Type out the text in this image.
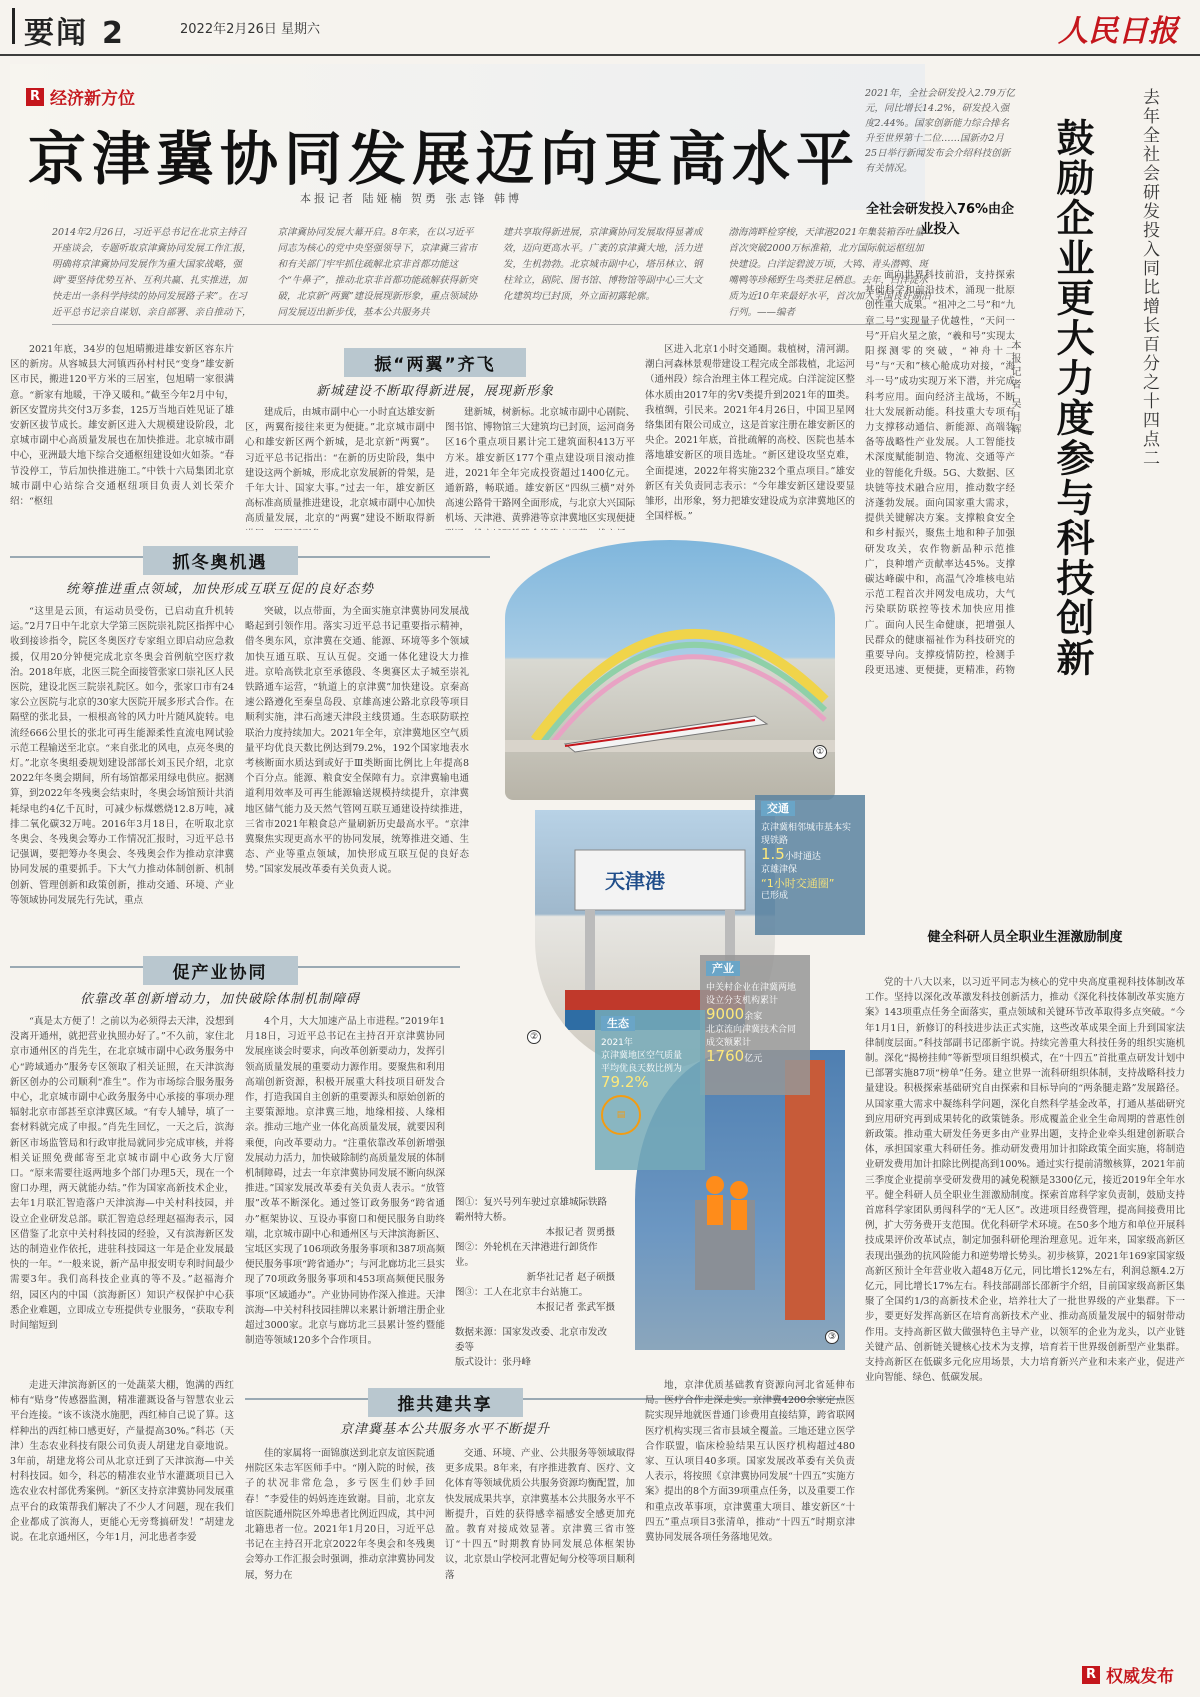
要闻 2	2022年2月26日 星期六	人民日报
R 经济新方位
京津冀协同发展迈向更高水平
本报记者 陆娅楠 贺勇 张志锋 韩博
2014年2月26日，习近平总书记在北京主持召开座谈会，专题听取京津冀协同发展工作汇报，明确将京津冀协同发展作为重大国家战略，强调“要坚持优势互补、互利共赢、扎实推进，加快走出一条科学持续的协同发展路子来”。在习近平总书记亲自谋划、亲自部署、亲自推动下，
京津冀协同发展大幕开启。8年来，在以习近平同志为核心的党中央坚强领导下，京津冀三省市和有关部门牢牢抓住疏解北京非首都功能这个“牛鼻子”，推动北京非首都功能疏解获得新突破，北京新“两翼”建设展现新形象，重点领域协同发展迈出新步伐，基本公共服务共
建共享取得新进展，京津冀协同发展取得显著成效，迈向更高水平。广袤的京津冀大地，活力迸发，生机勃勃。北京城市副中心，塔吊林立、钢柱耸立，剧院、图书馆、博物馆等副中心三大文化建筑均已封顶，外立面初露轮廓。
渤海湾畔检穿梭，天津港2021年集装箱吞吐量首次突破2000万标准箱，北方国际航运枢纽加快建设。白洋淀碧波万顷，大鸨、青头潜鸭、斑嘴鸭等珍稀野生鸟类驻足栖息。去年，白洋淀水质为近10年来最好水平，首次加入全国良好湖泊行列。——编者

2021年底，34岁的包旭晴搬进雄安新区容东片区的新房。从容城县大河镇西孙村村民“变身”雄安新区市民，搬进120平方米的三居室，包旭晴一家很满意。“新家有地暖，干净又暖和。”截至今年2月中旬，新区安置房共交付3万多套，125万当地百姓见证了雄安新区拔节成长。雄安新区进入大规模建设阶段，北京城市副中心高质量发展也在加快推进。北京城市副中心，亚洲最大地下综合交通枢纽建设如火如荼。“春节没停工，节后加快推进施工。”中铁十六局集团北京城市副中心站综合交通枢纽项目负责人刘长荣介绍：“枢纽

振“两翼”齐飞
新城建设不断取得新进展，展现新形象

建成后，由城市副中心一小时直达雄安新区，两翼衔接往来更为便捷。”北京城市副中心和雄安新区两个新城，是北京新“两翼”。习近平总书记指出：“在新的历史阶段，集中建设这两个新城，形成北京发展新的骨架，是千年大计、国家大事。”过去一年，雄安新区高标准高质量推进建设，北京城市副中心加快高质量发展，北京的“两翼”建设不断取得新

建新城，树新标。北京城市副中心剧院、图书馆、博物馆三大建筑均已封顶，运河商务区16个重点项目累计完工建筑面积413万平方米。雄安新区177个重点建设项目滚动推进，2021年全年完成投资超过1400亿元。通新路，畅联通。雄安新区“四纵三横”对外高速公路骨干路网全面形成，与北京大兴国际机场、天津港、黄骅港等京津冀地区实现便捷

区进入北京1小时交通圈。栽植树，清河湖。潮白河森林景观带建设工程完成全部栽植，北运河（通州段）综合治理主体工程完成。白洋淀淀区整体水质由2017年的劣Ⅴ类提升到2021年的Ⅲ类。我植绸，引民来。2021年4月26日，中国卫星网络集团有限公司成立，这是首家注册在雄安新区的央企。2021年底，首批疏解的高校、医院也基本落地雄安新区的项目选址。“新区建设攻坚克难，全面提速，2022年将实施232个重点项目。”雄安新区有关负责同志表示：“今年雄安新区建设要显雏形，出形象，努力把雄安建设成为京津冀地区的全国样板。”

抓冬奥机遇
统筹推进重点领域，加快形成互联互促的良好态势

“这里是云顶，有运动员受伤，已启动直升机转运。”2月7日中午北京大学第三医院崇礼院区指挥中心收到接诊指令，院区冬奥医疗专家组立即启动应急救援，仅用20分钟便完成北京冬奥会首例航空医疗救治。2018年底，北医三院全面接管张家口崇礼区人民医院，建设北医三院崇礼院区。如今，张家口市有24家公立医院与北京的30家大医院开展多形式合作。在隔壁的张北县，一根根高耸的风力叶片随风旋转。电流经666公里长的张北可再生能源柔性直流电网试验示范工程输送至北京。“来自张北的风电，点亮冬奥的灯。”北京冬奥组委规划建设部部长刘玉民介绍，北京2022年冬奥会期间，所有场馆都采用绿电供应。据测算，到2022年冬残奥会结束时，冬奥会场馆预计共消耗绿电约4亿千瓦时，可减少标煤燃烧12.8万吨，减排二氧化碳32万吨。2016年3月18日，在听取北京冬奥会、冬残奥会筹办工作情况汇报时，习近平总书记强调，要把筹办冬奥会、冬残奥会作为推动京津冀协同发展的重要抓手。下大气力推动体制创新、机制创新、管理创新和政策创新，推动交通、环境、产业等领域协同发展先行先试，重点

突破，以点带面，为全面实施京津冀协同发展战略起到引领作用。落实习近平总书记重要指示精神，借冬奥东风，京津冀在交通、能源、环境等多个领域加快互通互联、互认互促。交通一体化建设大力推进。京哈高铁北京至承德段、冬奥赛区太子城至崇礼铁路通车运营，“轨道上的京津冀”加快建设。京秦高速公路遵化至秦皇岛段、京雄高速公路北京段等项目顺利实施，津石高速天津段主线贯通。生态联防联控联治力度持续加大。2021年全年，京津冀地区空气质量平均优良天数比例达到79.2%，192个国家地表水考核断面水质达到或好于Ⅲ类断面比例比上年提高8个百分点。能源、粮食安全保障有力。京津冀输电通道利用效率及可再生能源输送规模持续提升，京津冀地区储气能力及天然气管网互联互通建设持续推进，三省市2021年粮食总产量刷新历史最高水平。“京津冀聚焦实现更高水平的协同发展，统筹推进交通、生态、产业等重点领域，加快形成互联互促的良好态势。”国家发展改革委有关负责人说。

促产业协同
依靠改革创新增动力，加快破除体制机制障碍

“真是太方便了！之前以为必须得去天津，没想到没离开通州，就把营业执照办好了。”不久前，家住北京市通州区的肖先生，在北京城市副中心政务服务中心“跨域通办”服务专区领取了相关证照，在天津滨海新区创办的公司顺利“准生”。作为市场综合服务服务中心，北京城市副中心政务服务中心承接的事项办理辐射北京市部甚至京津冀区域。“有专人辅导，填了一套材料就完成了申报。”肖先生回忆，一天之后，滨海新区市场监管局和行政审批局就同步完成审核，并将相关证照免费邮寄至北京城市副中心政务大厅窗口。“原来需要往返两地多个部门办理5天，现在一个窗口办理，两天就能办结。”作为国家高新技术企业，去年1月联汇智造落户天津滨海—中关村科技园，并设立企业研发总部。联汇智造总经理赵福海表示，园区借鉴了北京中关村科技园的经验，又有滨海新区发达的制造业作依托，进驻科技园这一年是企业发展最快的一年。“一般来说，新产品申报安明专利时间最少需要3年。我们高科技企业真的等不及。”赵福海介绍，园区内的中国（滨海新区）知识产权保护中心获悉企业难题，立即成立专班提供专业服务，“获取专利时间缩短到

4个月，大大加速产品上市进程。”2019年1月18日，习近平总书记在主持召开京津冀协同发展座谈会时要求，向改革创新要动力，发挥引领高质量发展的重要动力源作用。要聚焦和利用高端创新资源，积极开展重大科技项目研发合作，打造我国自主创新的重要源头和原始创新的主要策源地。京津冀三地，地缘相接、人缘相亲。推动三地产业一体化高质量发展，就要因利乘便，向改革要动力。“注重依靠改革创新增强发展动力活力，加快破除制约高质量发展的体制机制障碍，过去一年京津冀协同发展不断向纵深推进。”国家发展改革委有关负责人表示。“放管服”改革不断深化。通过签订政务服务“跨省通办”框架协议、互设办事窗口和便民服务自助终端，北京城市副中心和通州区与天津滨海新区、宝坻区实现了106项政务服务事项和387项高频便民服务事项“跨省通办”；与河北廊坊北三县实现了70项政务服务事项和453项高频便民服务事项“区域通办”。产业协同协作深入推进。天津滨海—中关村科技园挂牌以来累计新增注册企业超过3000家。北京与廊坊北三县累计签约暨能制造等领域120多个合作项目。

走进天津滨海新区的一处蔬菜大棚，饱满的西红柿有“贴身”传感器监测，精准灌溉设备与智慧农业云平台连接。“该不该浇水施肥，西红柿自己说了算。这样种出的西红柿口感更好，产量提高30%。”科芯（天津）生态农业科技有限公司负责人胡建龙自豪地说。3年前，胡建龙将公司从北京迁到了天津滨海—中关村科技园。如今，科芯的精准农业节水灌溉项目已入选农业农村部优秀案例。“新区支持京津冀协同发展重点平台的政策帮我们解决了不少人才问题，现在我们企业都成了滨海人，更能心无旁骛搞研发！”胡建龙说。在北京通州区，今年1月，河北患者李爱

推共建共享
京津冀基本公共服务水平不断提升

佳的家属将一面锦旗送到北京友谊医院通州院区朱志军医师手中。“刚入院的时候，孩子的状况非常危急，多亏医生们妙手回春！”李爱佳的妈妈连连致谢。目前，北京友谊医院通州院区外埠患者比例近四成，其中河北籍患者一位。2021年1月20日，习近平总书记在主持召开北京2022年冬奥会和冬残奥会筹办工作汇报会时强调，推动京津冀协同发展，努力在

交通、环境、产业、公共服务等领域取得更多成果。8年来，有序推进教育、医疗、文化体育等领域优质公共服务资源均衡配置，加快发展成果共享，京津冀基本公共服务水平不断提升，百姓的获得感幸福感安全感更加充盈。教育对接成效显著。京津冀三省市签订“十四五”时期教育协同发展总体框架协议，北京景山学校河北曹妃甸分校等项目顺利落

地，京津优质基础教育资源向河北省延伸布局。医疗合作走深走实。京津冀4200余家定点医院实现异地就医普通门诊费用直接结算，跨省联网医疗机构实现三省市县域全覆盖。三地还建立医学合作联盟，临床检验结果互认医疗机构超过480家、互认项目40多项。国家发展改革委有关负责人表示，将按照《京津冀协同发展“十四五”实施方案》提出的8个方面39项重点任务，以及重要工作和重点改革事项，京津冀重大项目、雄安新区“十四五”重点项目3张清单，推动“十四五”时期京津冀协同发展各项任务落地见效。

①
天津港
②
③
交通
京津冀相邻城市基本实现铁路
1.5小时通达
京雄津保
“1小时交通圈”
已形成
产业
中关村企业在津冀两地设立分支机构累计
9000余家
北京流向津冀技术合同成交额累计
1760亿元
生态
2021年
京津冀地区空气质量
平均优良天数比例为
79.2%
▤
图①：复兴号列车驶过京雄城际铁路霸州特大桥。
本报记者 贺勇摄
图②：外轮机在天津港进行卸货作业。
新华社记者 赵子硕摄
图③：工人在北京丰台站施工。
本报记者 张武军摄
数据来源：国家发改委、北京市发改委等
版式设计：张丹峰
2021年，全社会研发投入2.79万亿元，同比增长14.2%，研发投入强度2.44%。国家创新能力综合排名升至世界第十二位……国新办2月25日举行新闻发布会介绍科技创新有关情况。	去年全社会研发投入同比增长百分之十四点二
鼓励企业更大力度参与科技创新
本报记者 吴月辉
全社会研发投入76%由企业投入

面向世界科技前沿，支持探索基础科学和前沿技术，涌现一批原创性重大成果。“祖冲之二号”和“九章二号”实现量子优越性，“天问一号”开启火星之旅，“羲和号”实现太阳探测零的突破，“神舟十二号”与“天和”核心舱成功对接，“海斗一号”成功实现万米下潜，并完成科考应用。面向经济主战场，不断壮大发展新动能。科技重大专项有力支撑移动通信、新能源、高端装备等战略性产业发展。人工智能技术深度赋能制造、物流、交通等产业的智能化升级。5G、大数据、区块链等技术融合应用，推动数字经济蓬勃发展。面向国家重大需求，提供关键解决方案。支撑粮食安全和乡村振兴，聚焦土地和种子加强研发攻关，农作物新品种示范推广，良种增产贡献率达45%。支撑碳达峰碳中和，高温气冷堆核电站示范工程首次并网发电成功，大气污染联防联控等技术加快应用推广。面向人民生命健康，把增强人民群众的健康福祉作为科技研究的重要导向。支撑疫情防控，检测手段更迅速、更便捷，更精准，药物

健全科研人员全职业生涯激励制度

党的十八大以来，以习近平同志为核心的党中央高度重视科技体制改革工作。坚持以深化改革激发科技创新活力，推动《深化科技体制改革实施方案》143项重点任务全面落实，重点领域和关键环节改革取得多点突破。“今年1月1日，新修订的科技进步法正式实施，这些改革成果全面上升到国家法律制度层面。”科技部副书记邵新宇说。持续完善重大科技任务的组织实施机制。深化“揭榜挂帅”等新型项目组织模式，在“十四五”首批重点研发计划中已部署实施87项“榜单”任务。建立世界一流科研组织体制，支持战略科技力量建设。积极探索基础研究自由探索和目标导向的“两条腿走路”发展路径。从国家重大需求中凝练科学问题，深化自然科学基金改革，打通从基础研究到应用研究再到成果转化的政策链条。形成覆盖企业全生命周期的普惠性创新政策。推动重大研发任务更多由产业界出题，支持企业牵头组建创新联合体，承担国家重大科研任务。推动研发费用加计扣除政策全面实施，将制造业研发费用加计扣除比例提高到100%。通过实行提前清缴核算，2021年前三季度企业提前享受研发费用的减免税额是3300亿元，接近2019年全年水平。健全科研人员全职业生涯激励制度。探索首席科学家负责制，鼓励支持首席科学家团队勇闯科学的“无人区”。改进项目经费管理，提高间接费用比例，扩大劳务费开支范围。优化科研学术环境。在50多个地方和单位开展科技成果评价改革试点，制定加强科研伦理治理意见。近年来，国家级高新区表现出强劲的抗风险能力和逆势增长势头。初步核算，2021年169家国家级高新区预计全年营业收入超48万亿元，同比增长12%左右，利润总额4.2万亿元，同比增长17%左右。科技部副部长邵新宇介绍，目前国家级高新区集聚了全国约1/3的高新技术企业，培养壮大了一批世界级的产业集群。下一步，要更好发挥高新区在培育高新技术产业、推动高质量发展中的辐射带动作用。支持高新区做大做强特色主导产业，以领军的企业为龙头，以产业链关键产品、创新链关键核心技术为支撑，培育若干世界级创新型产业集群。支持高新区在低碳多元化应用场景，大力培育新兴产业和未来产业，促进产业向智能、绿色、低碳发展。

R 权威发布
